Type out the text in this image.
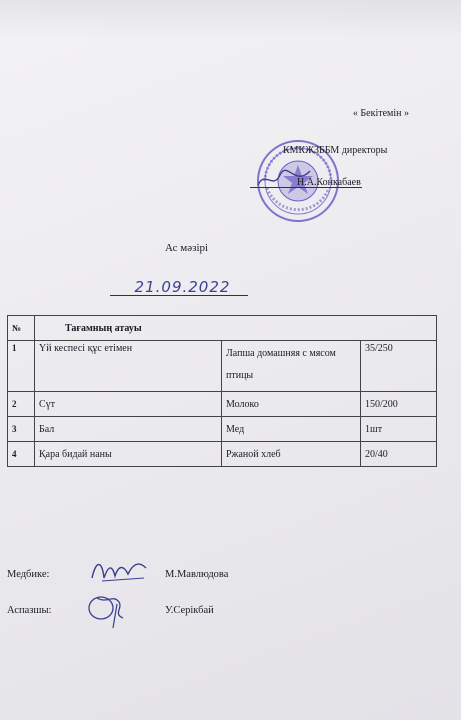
« Бекітемін »
КМКЖЗББМ директоры
Н.А.Конкабаев
Ас мәзірі
21.09.2022
№	Тағамның атауы		
1	Үй кеспесі құс етімен	Лапша домашняя с мясом птицы	35/250
2	Сүт	Молоко	150/200
3	Бал	Мед	1шт
4	Қара бидай наны	Ржаной хлеб	20/40
Медбике:	М.Мавлюдова
Аспазшы:	У.Серікбай
